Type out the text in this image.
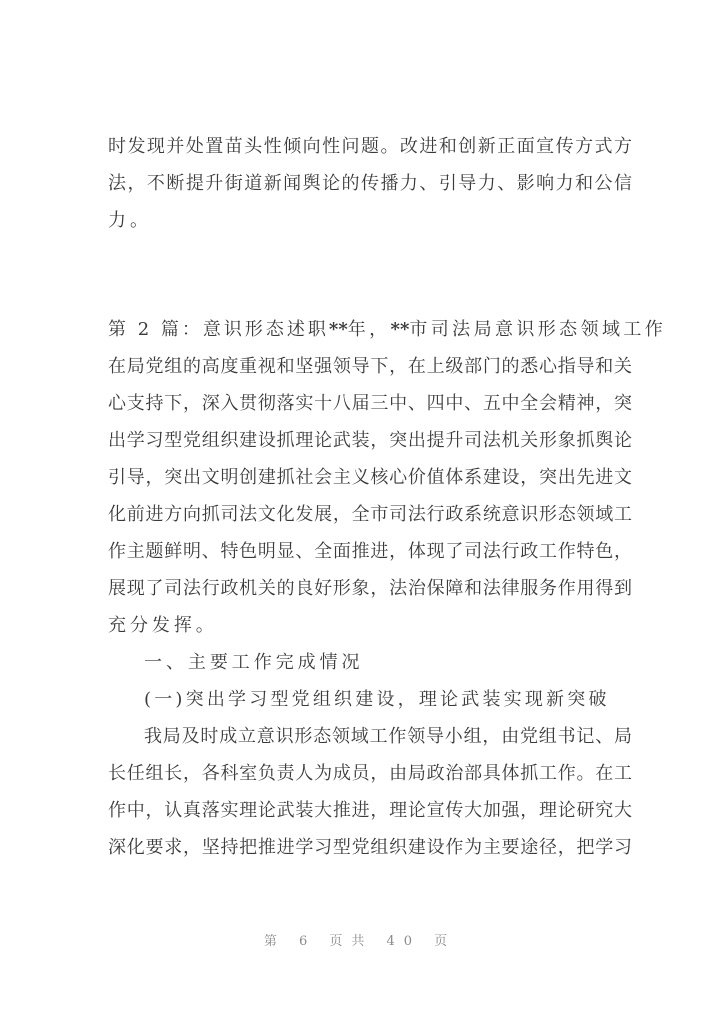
时发现并处置苗头性倾向性问题。改进和创新正面宣传方式方
法，不断提升街道新闻舆论的传播力、引导力、影响力和公信
力。
第 2 篇：意识形态述职 **年，**市司法局意识形态领域工作
在局党组的高度重视和坚强领导下，在上级部门的悉心指导和关
心支持下，深入贯彻落实十八届三中、四中、五中全会精神，突
出学习型党组织建设抓理论武装，突出提升司法机关形象抓舆论
引导，突出文明创建抓社会主义核心价值体系建设，突出先进文
化前进方向抓司法文化发展，全市司法行政系统意识形态领域工
作主题鲜明、特色明显、全面推进，体现了司法行政工作特色，
展现了司法行政机关的良好形象，法治保障和法律服务作用得到
充分发挥。
一、主要工作完成情况
(一)突出学习型党组织建设，理论武装实现新突破
我局及时成立意识形态领域工作领导小组，由党组书记、局
长任组长，各科室负责人为成员，由局政治部具体抓工作。在工
作中，认真落实理论武装大推进，理论宣传大加强，理论研究大
深化要求，坚持把推进学习型党组织建设作为主要途径，把学习
第 6 页共 40 页
